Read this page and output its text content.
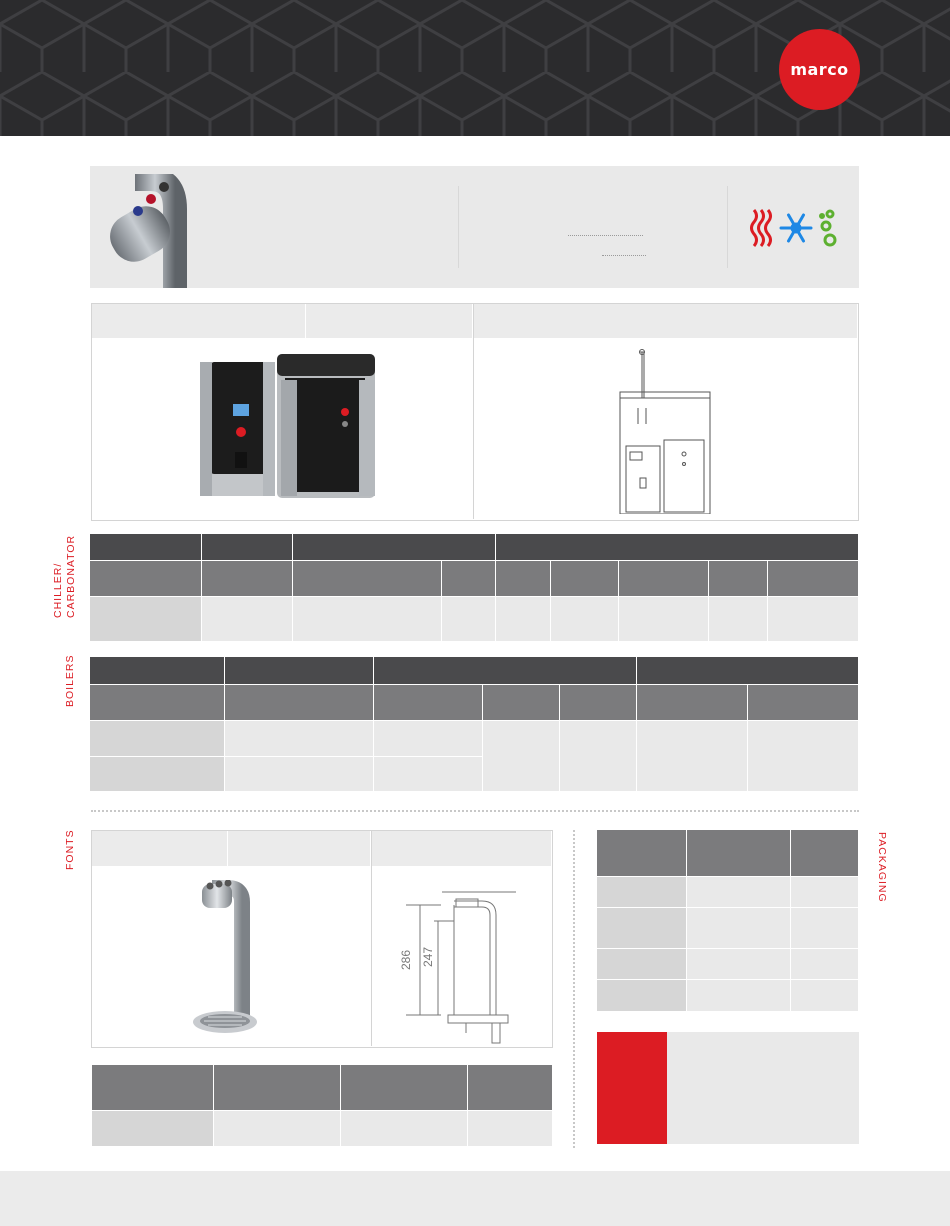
marco
CHILLER/ CARBONATOR
BOILERS
FONTS
286 247
PACKAGING
